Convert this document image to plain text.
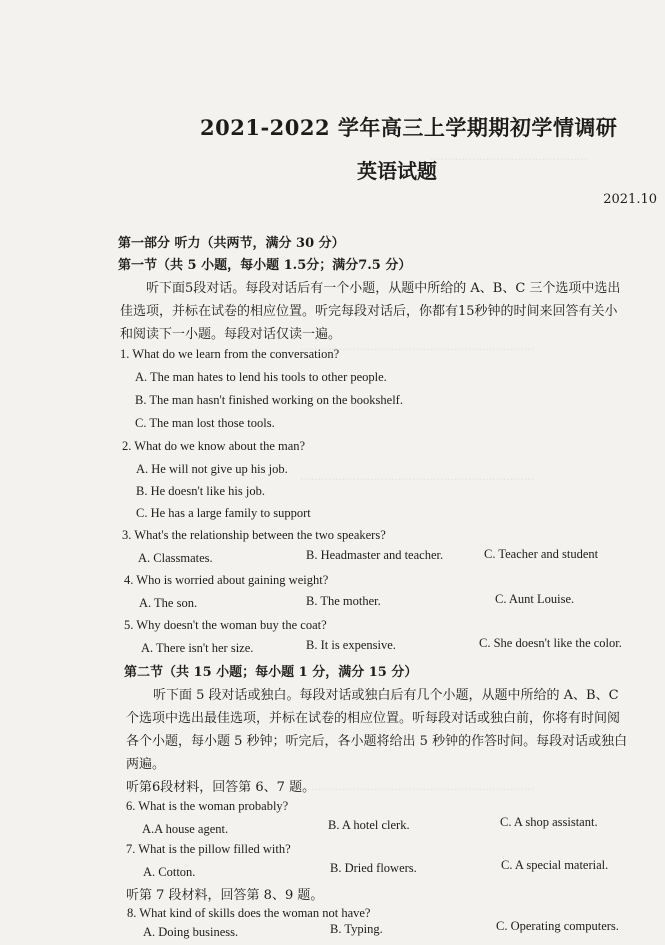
.............................................
...................................................................
...................................................................
...................................................................
2021-2022 学年高三上学期期初学情调研
英语试题
2021.10
第一部分 听力（共两节，满分 30 分）
第一节（共 5 小题，每小题 1.5分；满分7.5 分）
听下面5段对话。每段对话后有一个小题，从题中所给的 A、B、C 三个选项中选出
佳选项，并标在试卷的相应位置。听完每段对话后，你都有15秒钟的时间来回答有关小
和阅读下一小题。每段对话仅读一遍。
1. What do we learn from the conversation?
A. The man hates to lend his tools to other people.
B. The man hasn't finished working on the bookshelf.
C. The man lost those tools.
2. What do we know about the man?
A. He will not give up his job.
B. He doesn't like his job.
C. He has a large family to support
3. What's the relationship between the two speakers?
A. Classmates.	B. Headmaster and teacher.	C. Teacher and student
4. Who is worried about gaining weight?
A. The son.	B. The mother.	C. Aunt Louise.
5. Why doesn't the woman buy the coat?
A. There isn't her size.	B. It is expensive.	C. She doesn't like the color.
第二节（共 15 小题；每小题 1 分，满分 15 分）
听下面 5 段对话或独白。每段对话或独白后有几个小题，从题中所给的 A、B、C
个选项中选出最佳选项，并标在试卷的相应位置。听每段对话或独白前，你将有时间阅
各个小题，每小题 5 秒钟；听完后，各小题将给出 5 秒钟的作答时间。每段对话或独白
两遍。
听第6段材料，回答第 6、7 题。
6. What is the woman probably?
A.A house agent.	B. A hotel clerk.	C. A shop assistant.
7. What is the pillow filled with?
A. Cotton.	B. Dried flowers.	C. A special material.
听第 7 段材料，回答第 8、9 题。
8. What kind of skills does the woman not have?
A. Doing business.	B. Typing.	C. Operating computers.
